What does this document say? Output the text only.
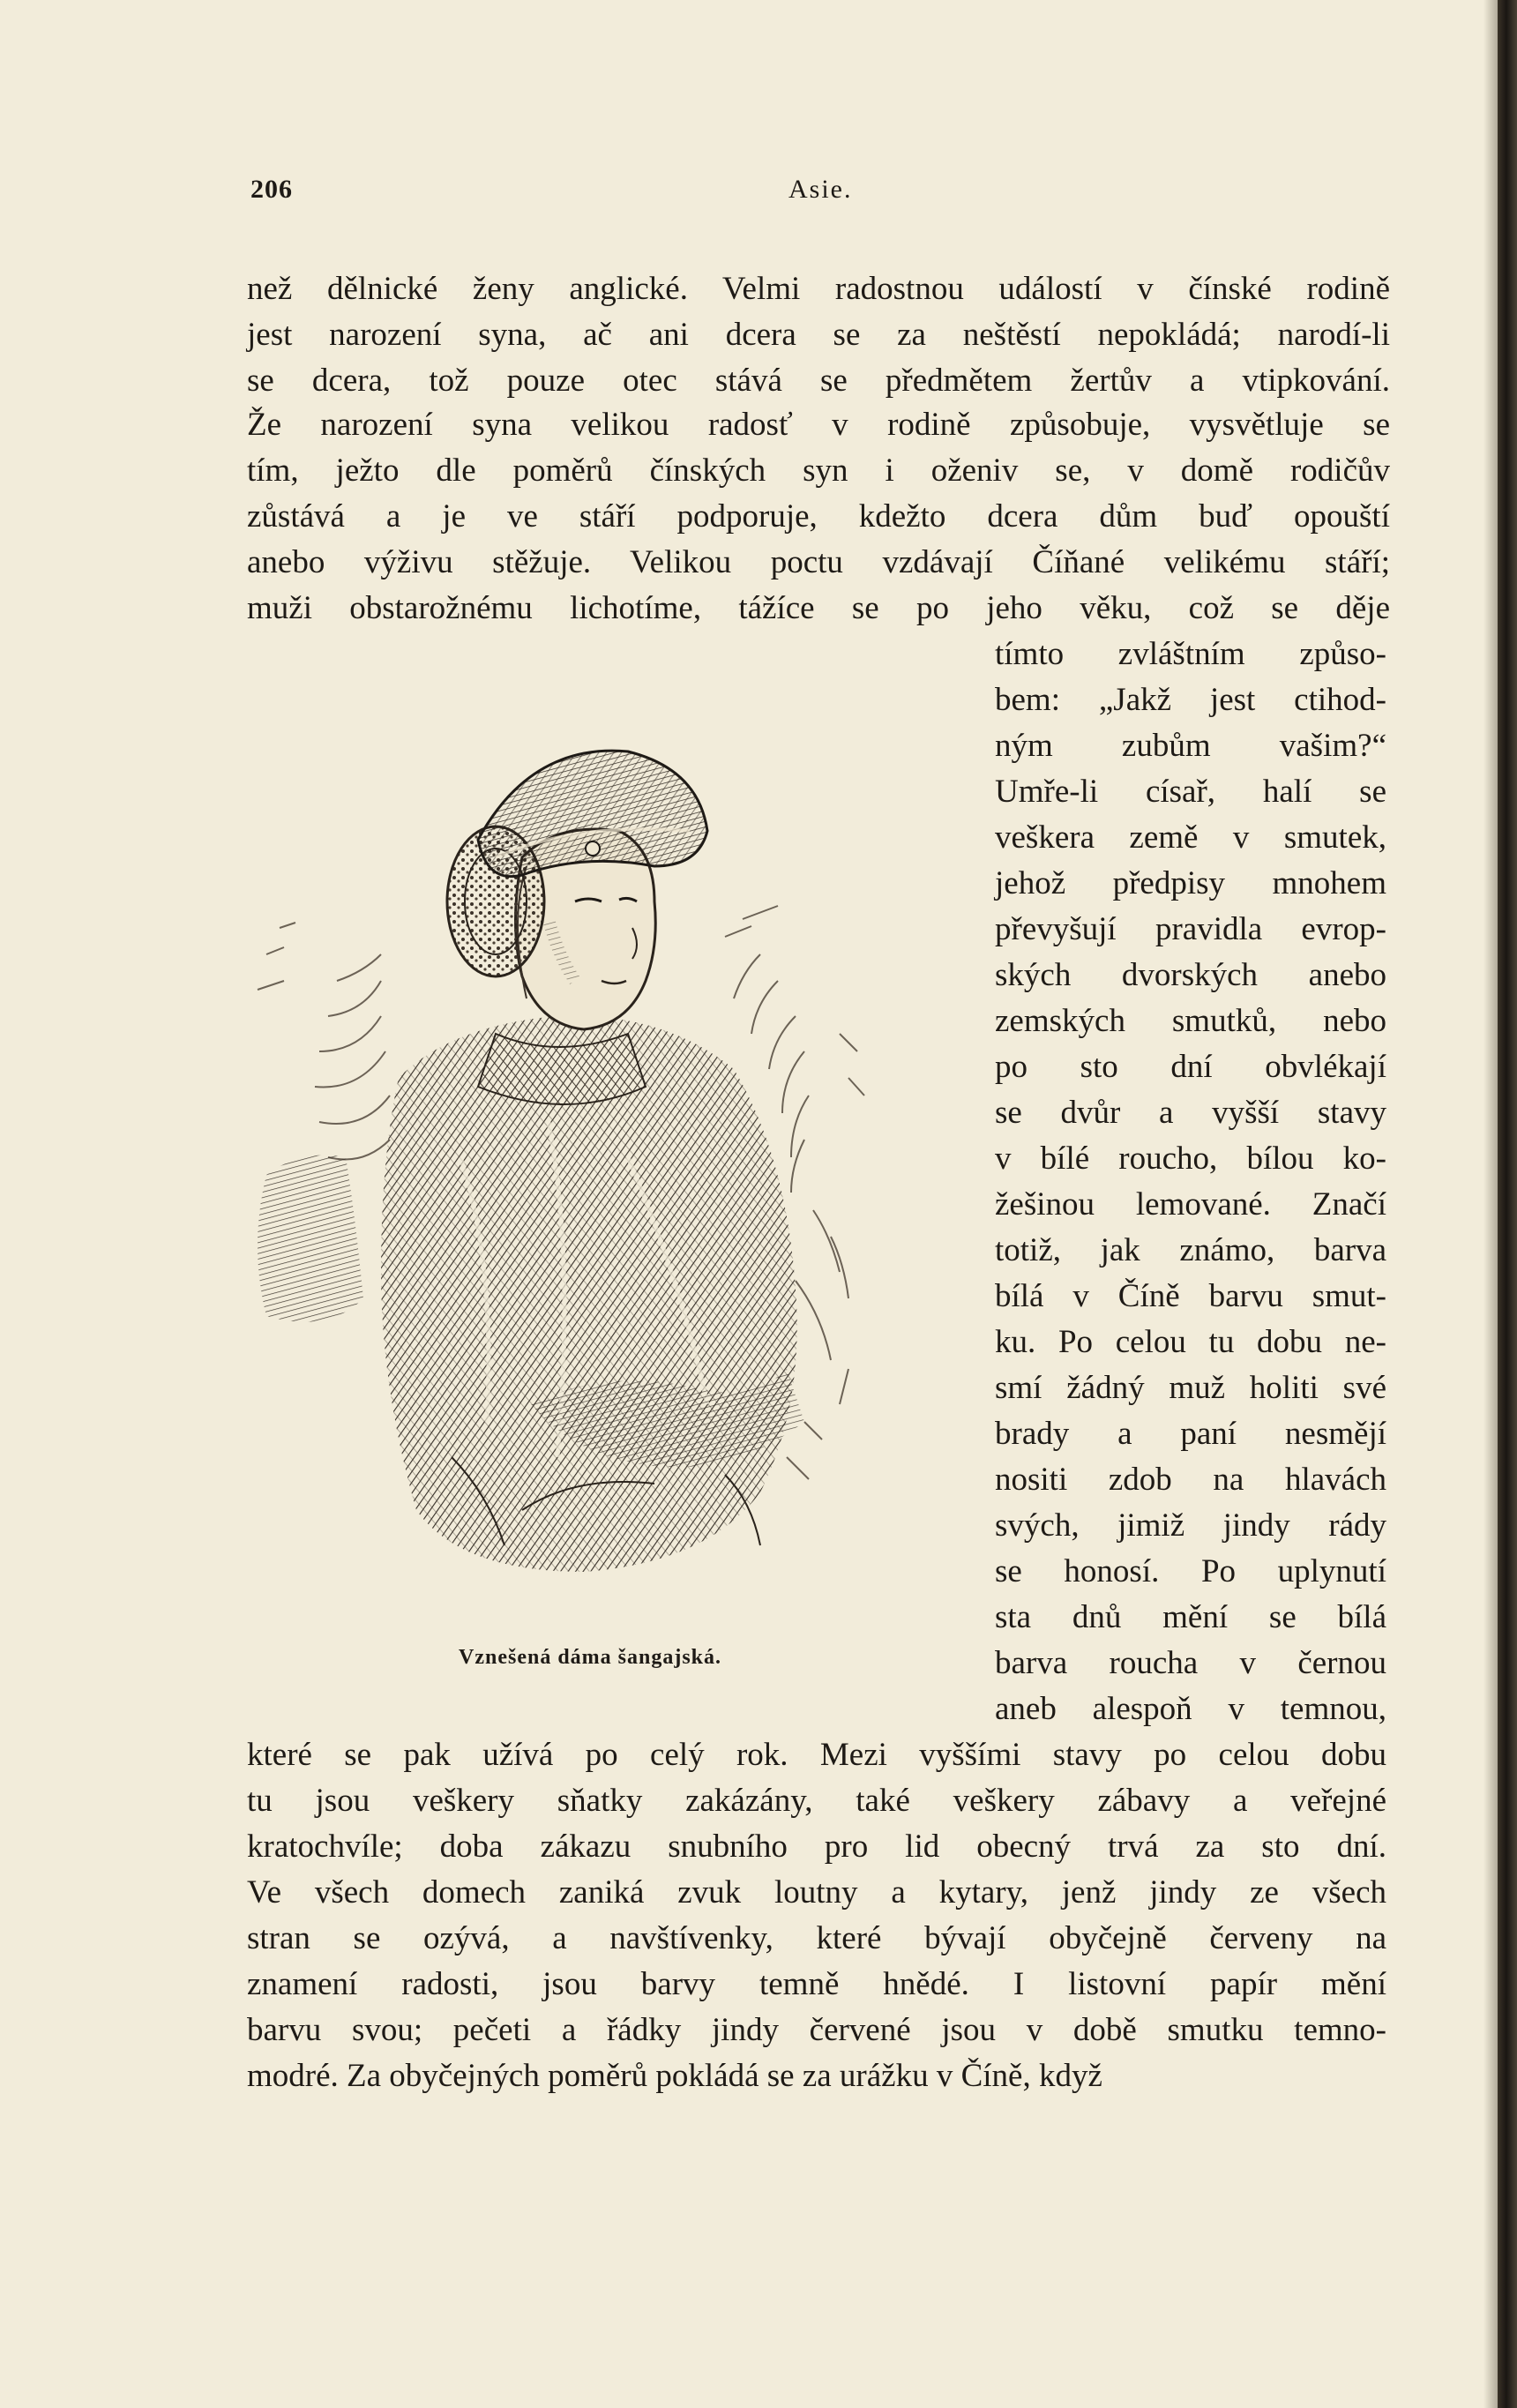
206	Asie.
než dělnické ženy anglické. Velmi radostnou událostí v čínské rodině
jest narození syna, ač ani dcera se za neštěstí nepokládá; narodí-li
se dcera, tož pouze otec stává se předmětem žertův a vtipkování.
Že narození syna velikou radosť v rodině způsobuje, vysvětluje se
tím, ježto dle poměrů čínských syn i oženiv se, v domě rodičův
zůstává a je ve stáří podporuje, kdežto dcera dům buď opouští
anebo výživu stěžuje. Velikou poctu vzdávají Číňané velikému stáří;
muži obstarožnému lichotíme, tážíce se po jeho věku, což se děje
tímto zvláštním způso-
bem: „Jakž jest ctihod-
ným zubům vašim?“
Umře-li císař, halí se
veškera země v smutek,
jehož předpisy mnohem
převyšují pravidla evrop-
ských dvorských anebo
zemských smutků, nebo
po sto dní obvlékají
se dvůr a vyšší stavy
v bílé roucho, bílou ko-
žešinou lemované. Značí
totiž, jak známo, barva
bílá v Číně barvu smut-
ku. Po celou tu dobu ne-
smí žádný muž holiti své
brady a paní nesmějí
nositi zdob na hlavách
svých, jimiž jindy rády
se honosí. Po uplynutí
sta dnů mění se bílá
barva roucha v černou
aneb alespoň v temnou,
které se pak užívá po celý rok. Mezi vyššími stavy po celou dobu
tu jsou veškery sňatky zakázány, také veškery zábavy a veřejné
kratochvíle; doba zákazu snubního pro lid obecný trvá za sto dní.
Ve všech domech zaniká zvuk loutny a kytary, jenž jindy ze všech
stran se ozývá, a navštívenky, které bývají obyčejně červeny na
znamení radosti, jsou barvy temně hnědé. I listovní papír mění
barvu svou; pečeti a řádky jindy červené jsou v době smutku temno-
modré. Za obyčejných poměrů pokládá se za urážku v Číně, když
Vznešená dáma šangajská.
